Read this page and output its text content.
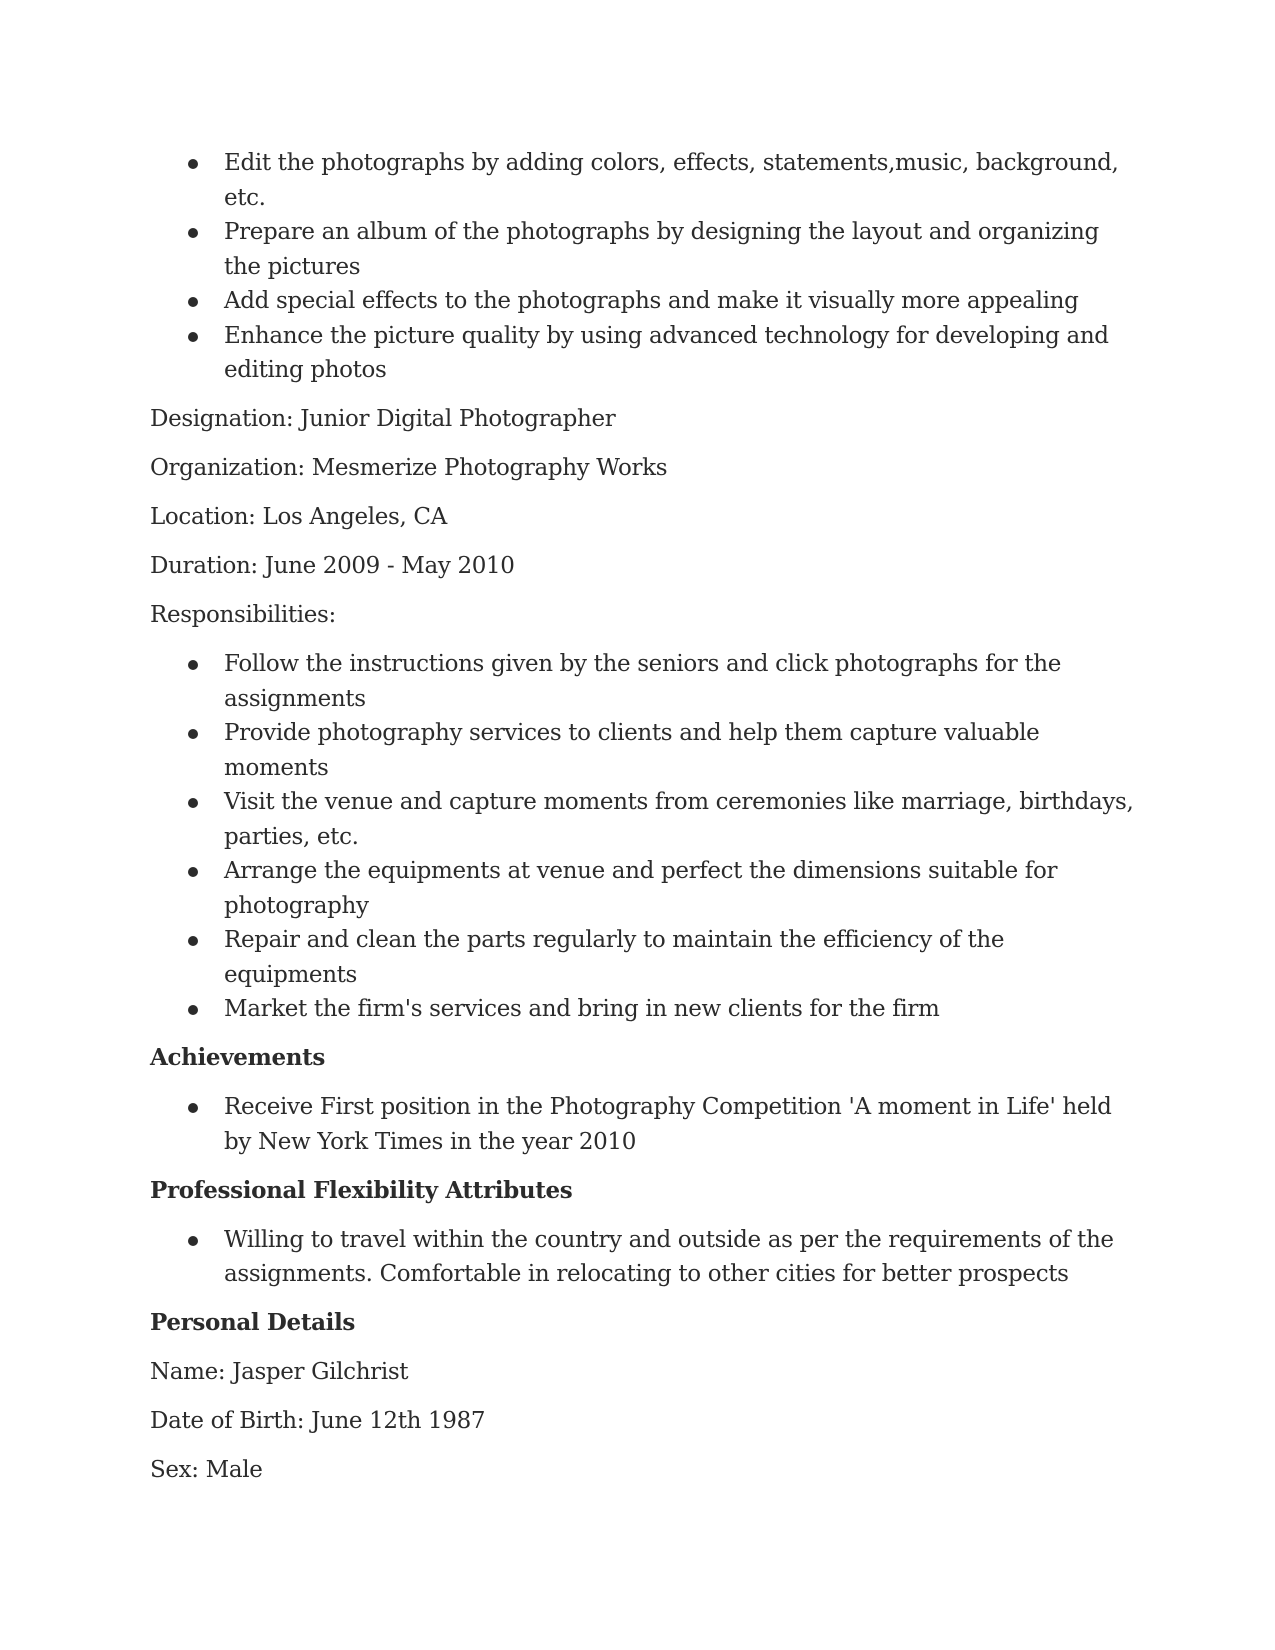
Edit the photographs by adding colors, effects, statements,music, background, etc.
Prepare an album of the photographs by designing the layout and organizing the pictures
Add special effects to the photographs and make it visually more appealing
Enhance the picture quality by using advanced technology for developing and editing photos

Designation: Junior Digital Photographer

Organization: Mesmerize Photography Works

Location: Los Angeles, CA

Duration: June 2009 - May 2010

Responsibilities:

Follow the instructions given by the seniors and click photographs for the assignments
Provide photography services to clients and help them capture valuable moments
Visit the venue and capture moments from ceremonies like marriage, birthdays, parties, etc.
Arrange the equipments at venue and perfect the dimensions suitable for photography
Repair and clean the parts regularly to maintain the efficiency of the equipments
Market the firm's services and bring in new clients for the firm
Achievements
Receive First position in the Photography Competition 'A moment in Life' held by New York Times in the year 2010
Professional Flexibility Attributes
Willing to travel within the country and outside as per the requirements of the assignments. Comfortable in relocating to other cities for better prospects
Personal Details

Name: Jasper Gilchrist

Date of Birth: June 12th 1987

Sex: Male
